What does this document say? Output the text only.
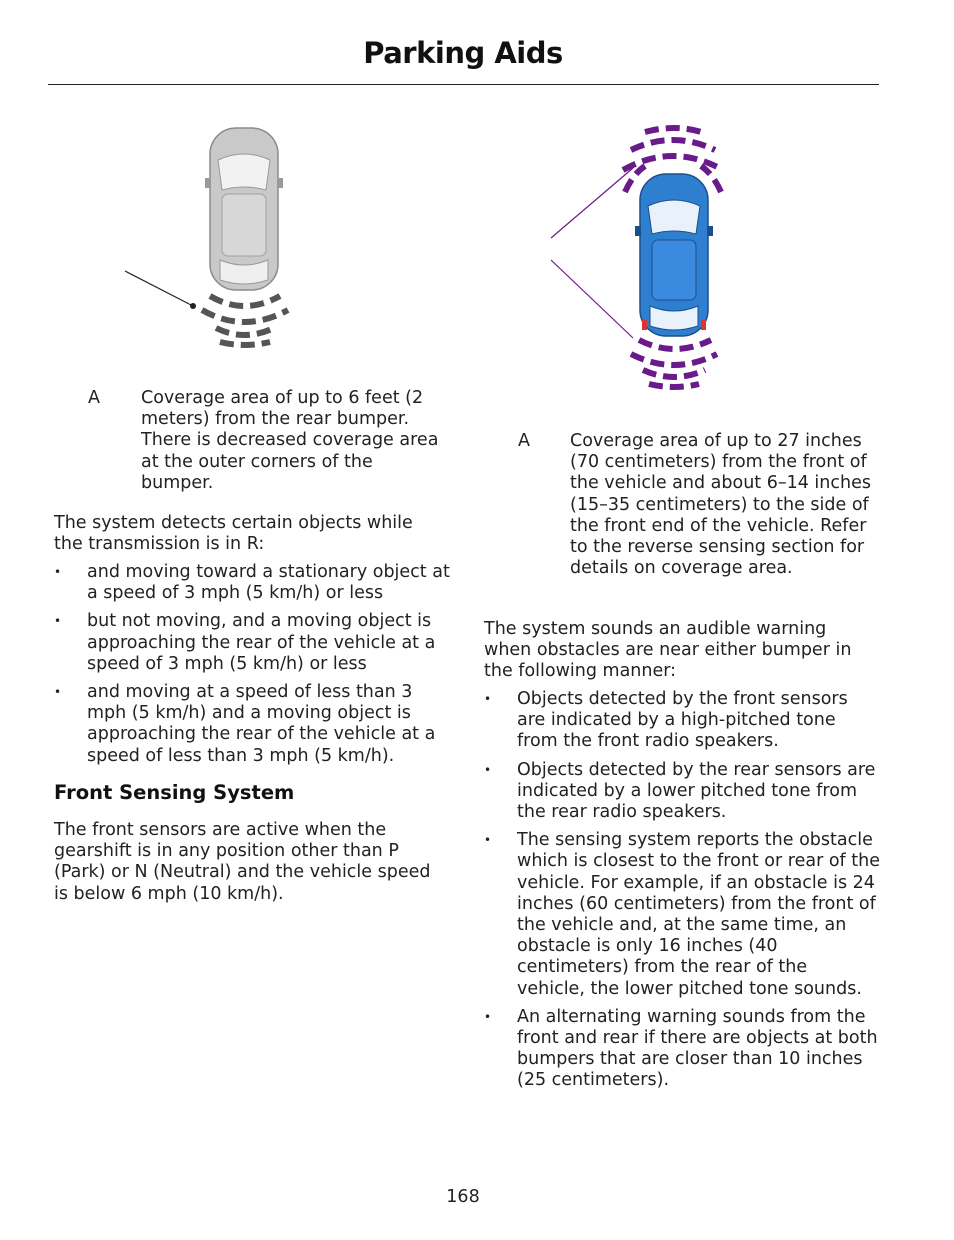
Parking Aids
A Coverage area of up to 6 feet (2 meters) from the rear bumper. There is decreased coverage area at the outer corners of the bumper.
The system detects certain objects while the transmission is in R:
• and moving toward a stationary object at a speed of 3 mph (5 km/h) or less
• but not moving, and a moving object is approaching the rear of the vehicle at a speed of 3 mph (5 km/h) or less
• and moving at a speed of less than 3 mph (5 km/h) and a moving object is approaching the rear of the vehicle at a speed of less than 3 mph (5 km/h).
Front Sensing System
The front sensors are active when the gearshift is in any position other than P (Park) or N (Neutral) and the vehicle speed is below 6 mph (10 km/h).
A Coverage area of up to 27 inches (70 centimeters) from the front of the vehicle and about 6–14 inches (15–35 centimeters) to the side of the front end of the vehicle. Refer to the reverse sensing section for details on coverage area.
The system sounds an audible warning when obstacles are near either bumper in the following manner:
• Objects detected by the front sensors are indicated by a high-pitched tone from the front radio speakers.
• Objects detected by the rear sensors are indicated by a lower pitched tone from the rear radio speakers.
• The sensing system reports the obstacle which is closest to the front or rear of the vehicle. For example, if an obstacle is 24 inches (60 centimeters) from the front of the vehicle and, at the same time, an obstacle is only 16 inches (40 centimeters) from the rear of the vehicle, the lower pitched tone sounds.
• An alternating warning sounds from the front and rear if there are objects at both bumpers that are closer than 10 inches (25 centimeters).
168
